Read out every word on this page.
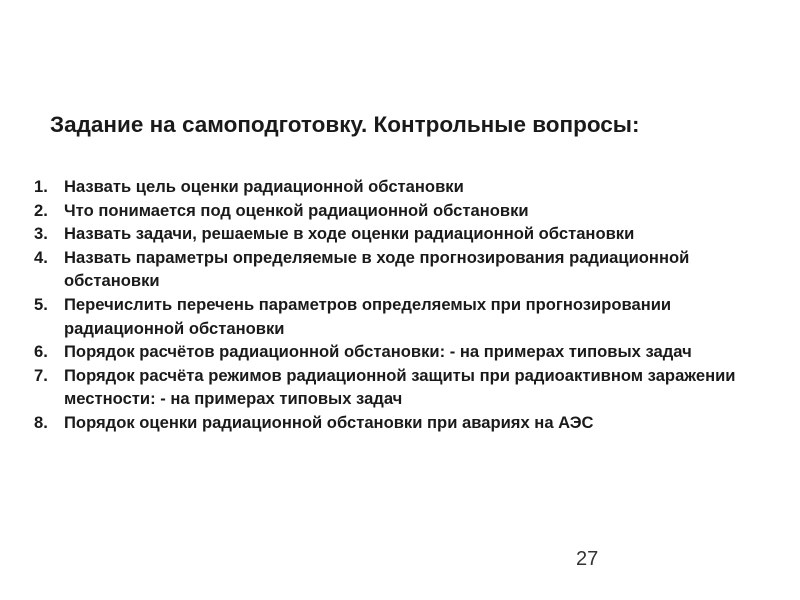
Задание на самоподготовку. Контрольные вопросы:
1. Назвать цель оценки радиационной обстановки
2. Что понимается под оценкой радиационной обстановки
3. Назвать задачи, решаемые в ходе оценки радиационной обстановки
4. Назвать параметры определяемые в ходе прогнозирования радиационной обстановки
5. Перечислить перечень параметров определяемых при прогнозировании радиационной обстановки
6. Порядок расчётов радиационной обстановки: - на примерах типовых задач
7. Порядок расчёта режимов радиационной защиты при радиоактивном заражении местности: - на примерах типовых задач
8. Порядок оценки радиационной обстановки при авариях на АЭС
27
